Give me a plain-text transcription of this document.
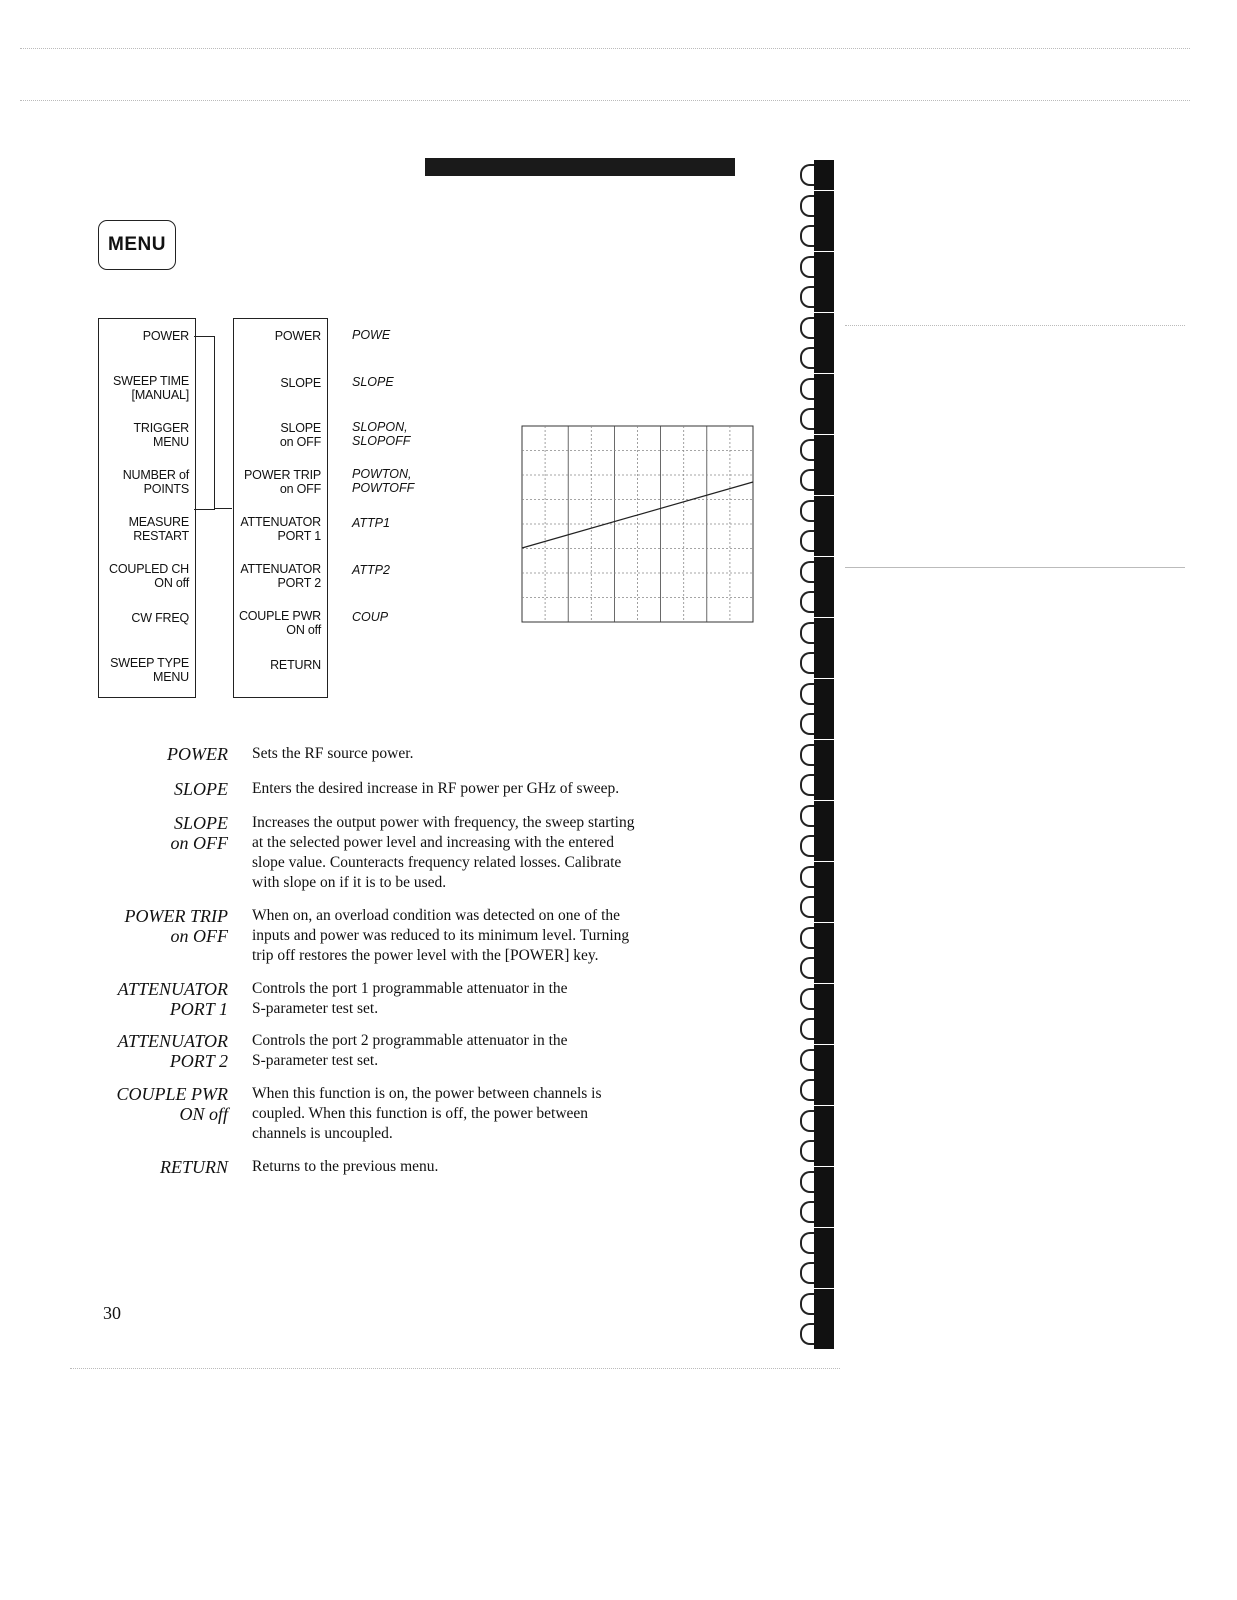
MENU
POWER
SWEEP TIME
[MANUAL]
TRIGGER
MENU
NUMBER of
POINTS
MEASURE
RESTART
COUPLED CH
ON off
CW FREQ
SWEEP TYPE
MENU
POWER
SLOPE
SLOPE
on OFF
POWER TRIP
on OFF
ATTENUATOR
PORT 1
ATTENUATOR
PORT 2
COUPLE PWR
ON off
RETURN
POWE
SLOPE
SLOPON,
SLOPOFF
POWTON,
POWTOFF
ATTP1
ATTP2
COUP
POWER Sets the RF source power.
SLOPE Enters the desired increase in RF power per GHz of sweep.
SLOPE
on OFF
Increases the output power with frequency, the sweep starting
at the selected power level and increasing with the entered
slope value. Counteracts frequency related losses. Calibrate
with slope on if it is to be used.
POWER TRIP
on OFF
When on, an overload condition was detected on one of the
inputs and power was reduced to its minimum level. Turning
trip off restores the power level with the [POWER] key.
ATTENUATOR
PORT 1
Controls the port 1 programmable attenuator in the
S-parameter test set.
ATTENUATOR
PORT 2
Controls the port 2 programmable attenuator in the
S-parameter test set.
COUPLE PWR
ON off
When this function is on, the power between channels is
coupled. When this function is off, the power between
channels is uncoupled.
RETURN Returns to the previous menu.
30
